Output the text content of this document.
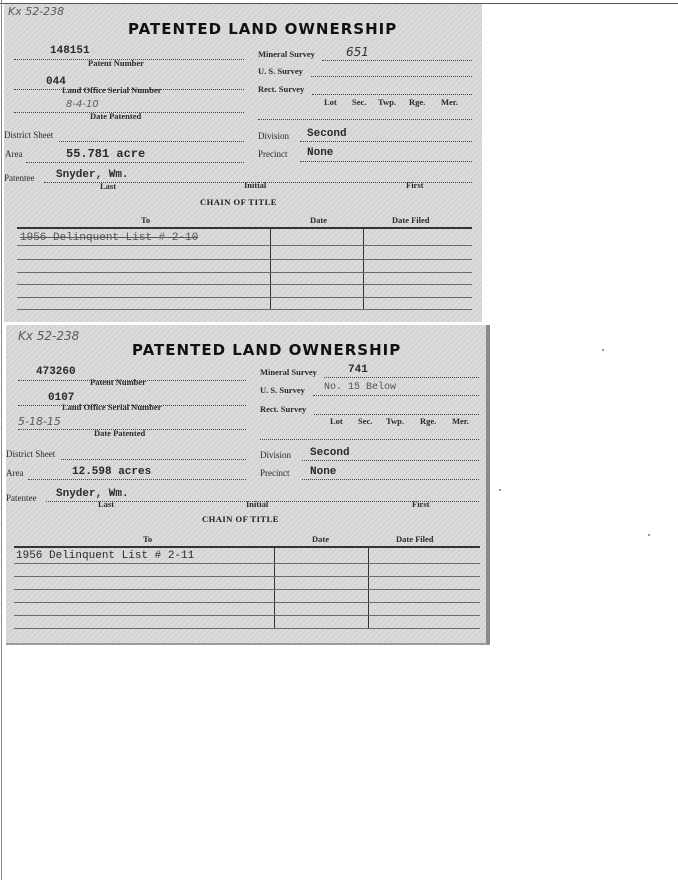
Kx 52-238
PATENTED LAND OWNERSHIP
148151
Patent Number
044
Land Office Serial Number
8-4-10
Date Patented
District Sheet
Area	55.781 acre
Mineral Survey	651
U. S. Survey
Rect. Survey
Lot Sec. Twp. Rge. Mer.
Division Second
Precinct None
Patentee Snyder, Wm.
Last	Initial	First
CHAIN OF TITLE
To	Date	Date Filed
1956 Delinquent List # 2-10
Kx 52-238
PATENTED LAND OWNERSHIP
473260
Patent Number
0107
Land Office Serial Number
5-18-15
Date Patented
District Sheet
Area	12.598 acres
Mineral Survey	741
U. S. Survey No. 15 Below
Rect. Survey
Lot Sec. Twp. Rge. Mer.
Division Second
Precinct None
Patentee Snyder, Wm.
Last	Initial	First
CHAIN OF TITLE
To	Date	Date Filed
1956 Delinquent List # 2-11
